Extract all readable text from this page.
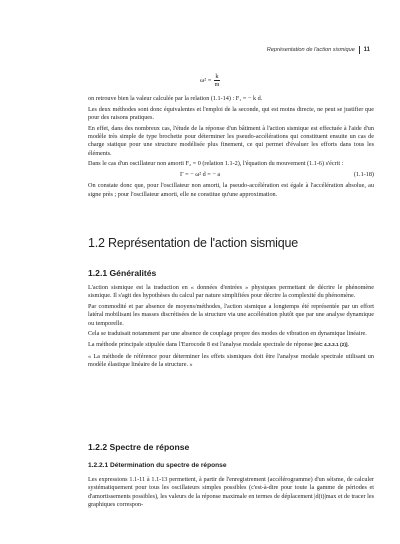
Représentation de l'action sismique 11
$\omega^2 = \frac{k}{m}$

on retrouve bien la valeur calculée par la relation (1.1-14) : F₁ = − k d.

Les deux méthodes sont donc équivalentes et l'emploi de la seconde, qui est moins directe, ne peut se justifier que pour des raisons pratiques.

En effet, dans des nombreux cas, l'étude de la réponse d'un bâtiment à l'action sismique est effectuée à l'aide d'un modèle très simple de type brochette pour déterminer les pseudo-accélérations qui constituent ensuite un cas de charge statique pour une structure modélisée plus finement, ce qui permet d'évaluer les efforts dans tous les éléments.

Dans le cas d'un oscillateur non amorti F₂ = 0 (relation 1.1-2), l'équation du mouvement (1.1-6) s'écrit :

Γ = − ω² d = − a	(1.1-18)

On constate donc que, pour l'oscillateur non amorti, la pseudo-accélération est égale à l'accélération absolue, au signe près ; pour l'oscillateur amorti, elle ne constitue qu'une approximation.

1.2 Représentation de l'action sismique
1.2.1 Généralités

L'action sismique est la traduction en « données d'entrées » physiques permettant de décrire le phénomène sismique. Il s'agit des hypothèses du calcul par nature simplifiées pour décrire la complexité du phénomène.

Par commodité et par absence de moyens/méthodes, l'action sismique a longtemps été représentée par un effort latéral mobilisant les masses discrétisées de la structure via une accélération plutôt que par une analyse dynamique ou temporelle.

Cela se traduisait notamment par une absence de couplage propre des modes de vibration en dynamique linéaire.

La méthode principale stipulée dans l'Eurocode 8 est l'analyse modale spectrale de réponse [EC 4.3.3.1 (2)].

« La méthode de référence pour déterminer les effets sismiques doit être l'analyse modale spectrale utilisant un modèle élastique linéaire de la structure. »

1.2.2 Spectre de réponse
1.2.2.1 Détermination du spectre de réponse

Les expressions 1.1-11 à 1.1-13 permettent, à partir de l'enregistrement (accélérogramme) d'un séisme, de calculer systématiquement pour tous les oscillateurs simples possibles (c'est-à-dire pour toute la gamme de périodes et d'amortissements possibles), les valeurs de la réponse maximale en termes de déplacement |d(t)|max et de tracer les graphiques correspon-
